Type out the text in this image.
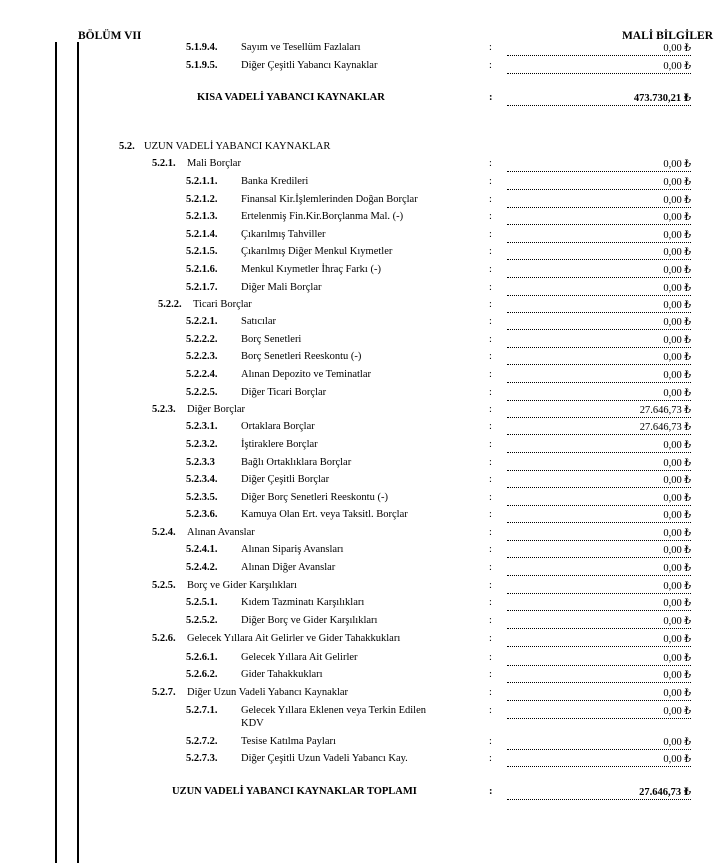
BÖLÜM VII	MALİ BİLGİLER
5.1.9.4. Sayım ve Tesellüm Fazlaları	:	0,00 ₺
5.1.9.5. Diğer Çeşitli Yabancı Kaynaklar	:	0,00 ₺
KISA VADELİ YABANCI KAYNAKLAR	:	473.730,21 ₺
5.2. UZUN VADELİ YABANCI KAYNAKLAR
5.2.1. Mali Borçlar	:	0,00 ₺
5.2.1.1. Banka Kredileri	:	0,00 ₺
5.2.1.2. Finansal Kir.İşlemlerinden Doğan Borçlar	:	0,00 ₺
5.2.1.3. Ertelenmiş Fin.Kir.Borçlanma Mal. (-)	:	0,00 ₺
5.2.1.4. Çıkarılmış Tahviller	:	0,00 ₺
5.2.1.5. Çıkarılmış Diğer Menkul Kıymetler	:	0,00 ₺
5.2.1.6. Menkul Kıymetler İhraç Farkı (-)	:	0,00 ₺
5.2.1.7. Diğer Mali Borçlar	:	0,00 ₺
5.2.2. Ticari Borçlar	:	0,00 ₺
5.2.2.1. Satıcılar	:	0,00 ₺
5.2.2.2. Borç Senetleri	:	0,00 ₺
5.2.2.3. Borç Senetleri Reeskontu (-)	:	0,00 ₺
5.2.2.4. Alınan Depozito ve Teminatlar	:	0,00 ₺
5.2.2.5. Diğer Ticari Borçlar	:	0,00 ₺
5.2.3. Diğer Borçlar	:	27.646,73 ₺
5.2.3.1. Ortaklara Borçlar	:	27.646,73 ₺
5.2.3.2. İştiraklere Borçlar	:	0,00 ₺
5.2.3.3 Bağlı Ortaklıklara Borçlar	:	0,00 ₺
5.2.3.4. Diğer Çeşitli Borçlar	:	0,00 ₺
5.2.3.5. Diğer Borç Senetleri Reeskontu (-)	:	0,00 ₺
5.2.3.6. Kamuya Olan Ert. veya Taksitl. Borçlar	:	0,00 ₺
5.2.4. Alınan Avanslar	:	0,00 ₺
5.2.4.1. Alınan Sipariş Avansları	:	0,00 ₺
5.2.4.2. Alınan Diğer Avanslar	:	0,00 ₺
5.2.5. Borç ve Gider Karşılıkları	:	0,00 ₺
5.2.5.1. Kıdem Tazminatı Karşılıkları	:	0,00 ₺
5.2.5.2. Diğer Borç ve Gider Karşılıkları	:	0,00 ₺
5.2.6. Gelecek Yıllara Ait Gelirler ve Gider Tahakkukları	:	0,00 ₺
5.2.6.1. Gelecek Yıllara Ait Gelirler	:	0,00 ₺
5.2.6.2. Gider Tahakkukları	:	0,00 ₺
5.2.7. Diğer Uzun Vadeli Yabancı Kaynaklar	:	0,00 ₺
5.2.7.1. Gelecek Yıllara Eklenen veya Terkin Edilen
KDV
:	0,00 ₺
5.2.7.2. Tesise Katılma Payları	:	0,00 ₺
5.2.7.3. Diğer Çeşitli Uzun Vadeli Yabancı Kay.	:	0,00 ₺
UZUN VADELİ YABANCI KAYNAKLAR TOPLAMI	:	27.646,73 ₺
